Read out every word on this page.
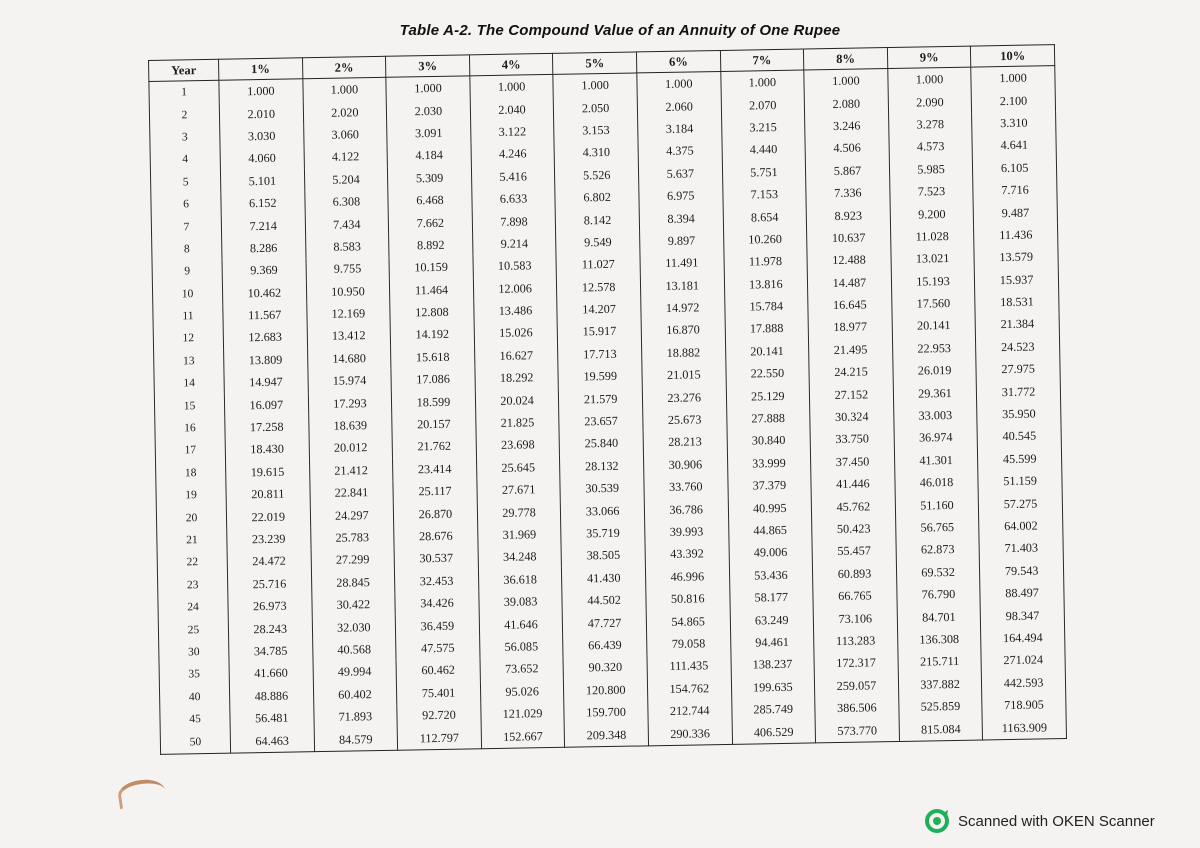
Table A-2. The Compound Value of an Annuity of One Rupee
Year	1%	2%	3%	4%	5%	6%	7%	8%	9%	10%
1	1.000	1.000	1.000	1.000	1.000	1.000	1.000	1.000	1.000	1.000
2	2.010	2.020	2.030	2.040	2.050	2.060	2.070	2.080	2.090	2.100
3	3.030	3.060	3.091	3.122	3.153	3.184	3.215	3.246	3.278	3.310
4	4.060	4.122	4.184	4.246	4.310	4.375	4.440	4.506	4.573	4.641
5	5.101	5.204	5.309	5.416	5.526	5.637	5.751	5.867	5.985	6.105
6	6.152	6.308	6.468	6.633	6.802	6.975	7.153	7.336	7.523	7.716
7	7.214	7.434	7.662	7.898	8.142	8.394	8.654	8.923	9.200	9.487
8	8.286	8.583	8.892	9.214	9.549	9.897	10.260	10.637	11.028	11.436
9	9.369	9.755	10.159	10.583	11.027	11.491	11.978	12.488	13.021	13.579
10	10.462	10.950	11.464	12.006	12.578	13.181	13.816	14.487	15.193	15.937
11	11.567	12.169	12.808	13.486	14.207	14.972	15.784	16.645	17.560	18.531
12	12.683	13.412	14.192	15.026	15.917	16.870	17.888	18.977	20.141	21.384
13	13.809	14.680	15.618	16.627	17.713	18.882	20.141	21.495	22.953	24.523
14	14.947	15.974	17.086	18.292	19.599	21.015	22.550	24.215	26.019	27.975
15	16.097	17.293	18.599	20.024	21.579	23.276	25.129	27.152	29.361	31.772
16	17.258	18.639	20.157	21.825	23.657	25.673	27.888	30.324	33.003	35.950
17	18.430	20.012	21.762	23.698	25.840	28.213	30.840	33.750	36.974	40.545
18	19.615	21.412	23.414	25.645	28.132	30.906	33.999	37.450	41.301	45.599
19	20.811	22.841	25.117	27.671	30.539	33.760	37.379	41.446	46.018	51.159
20	22.019	24.297	26.870	29.778	33.066	36.786	40.995	45.762	51.160	57.275
21	23.239	25.783	28.676	31.969	35.719	39.993	44.865	50.423	56.765	64.002
22	24.472	27.299	30.537	34.248	38.505	43.392	49.006	55.457	62.873	71.403
23	25.716	28.845	32.453	36.618	41.430	46.996	53.436	60.893	69.532	79.543
24	26.973	30.422	34.426	39.083	44.502	50.816	58.177	66.765	76.790	88.497
25	28.243	32.030	36.459	41.646	47.727	54.865	63.249	73.106	84.701	98.347
30	34.785	40.568	47.575	56.085	66.439	79.058	94.461	113.283	136.308	164.494
35	41.660	49.994	60.462	73.652	90.320	111.435	138.237	172.317	215.711	271.024
40	48.886	60.402	75.401	95.026	120.800	154.762	199.635	259.057	337.882	442.593
45	56.481	71.893	92.720	121.029	159.700	212.744	285.749	386.506	525.859	718.905
50	64.463	84.579	112.797	152.667	209.348	290.336	406.529	573.770	815.084	1163.909
Scanned with OKEN Scanner
